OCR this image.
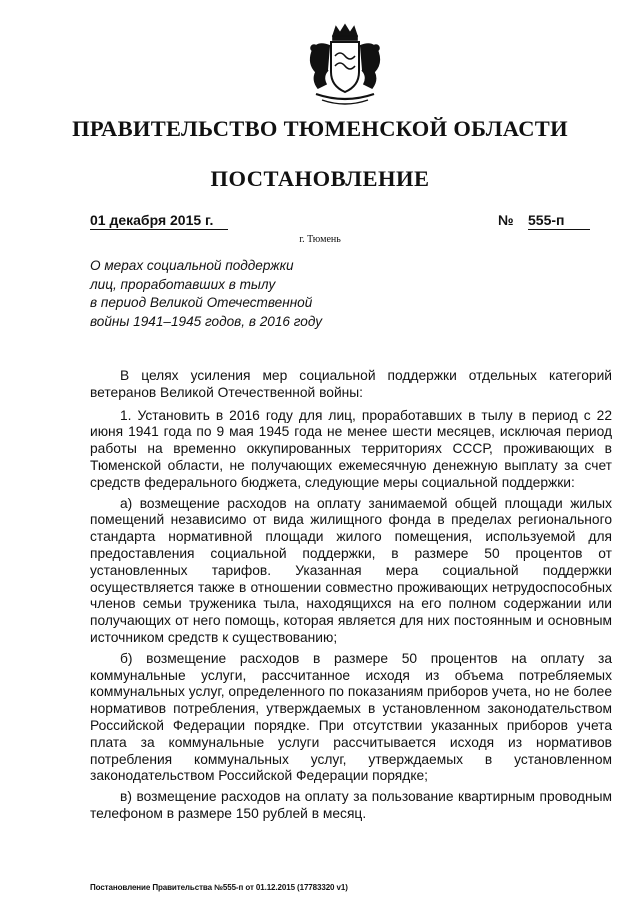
ПРАВИТЕЛЬСТВО ТЮМЕНСКОЙ ОБЛАСТИ
ПОСТАНОВЛЕНИЕ
01 декабря 2015 г.	№ 555-п
г. Тюмень
О мерах социальной поддержки
лиц, проработавших в тылу
в период Великой Отечественной
войны 1941–1945 годов, в 2016 году

В целях усиления мер социальной поддержки отдельных категорий ветеранов Великой Отечественной войны:

1. Установить в 2016 году для лиц, проработавших в тылу в период с 22 июня 1941 года по 9 мая 1945 года не менее шести месяцев, исключая период работы на временно оккупированных территориях СССР, проживающих в Тюменской области, не получающих ежемесячную денежную выплату за счет средств федерального бюджета, следующие меры социальной поддержки:

а) возмещение расходов на оплату занимаемой общей площади жилых помещений независимо от вида жилищного фонда в пределах регионального стандарта нормативной площади жилого помещения, используемой для предоставления социальной поддержки, в размере 50 процентов от установленных тарифов. Указанная мера социальной поддержки осуществляется также в отношении совместно проживающих нетрудоспособных членов семьи труженика тыла, находящихся на его полном содержании или получающих от него помощь, которая является для них постоянным и основным источником средств к существованию;

б) возмещение расходов в размере 50 процентов на оплату за коммунальные услуги, рассчитанное исходя из объема потребляемых коммунальных услуг, определенного по показаниям приборов учета, но не более нормативов потребления, утверждаемых в установленном законодательством Российской Федерации порядке. При отсутствии указанных приборов учета плата за коммунальные услуги рассчитывается исходя из нормативов потребления коммунальных услуг, утверждаемых в установленном законодательством Российской Федерации порядке;

в) возмещение расходов на оплату за пользование квартирным проводным телефоном в размере 150 рублей в месяц.

Постановление Правительства №555-п от 01.12.2015 (17783320 v1)
